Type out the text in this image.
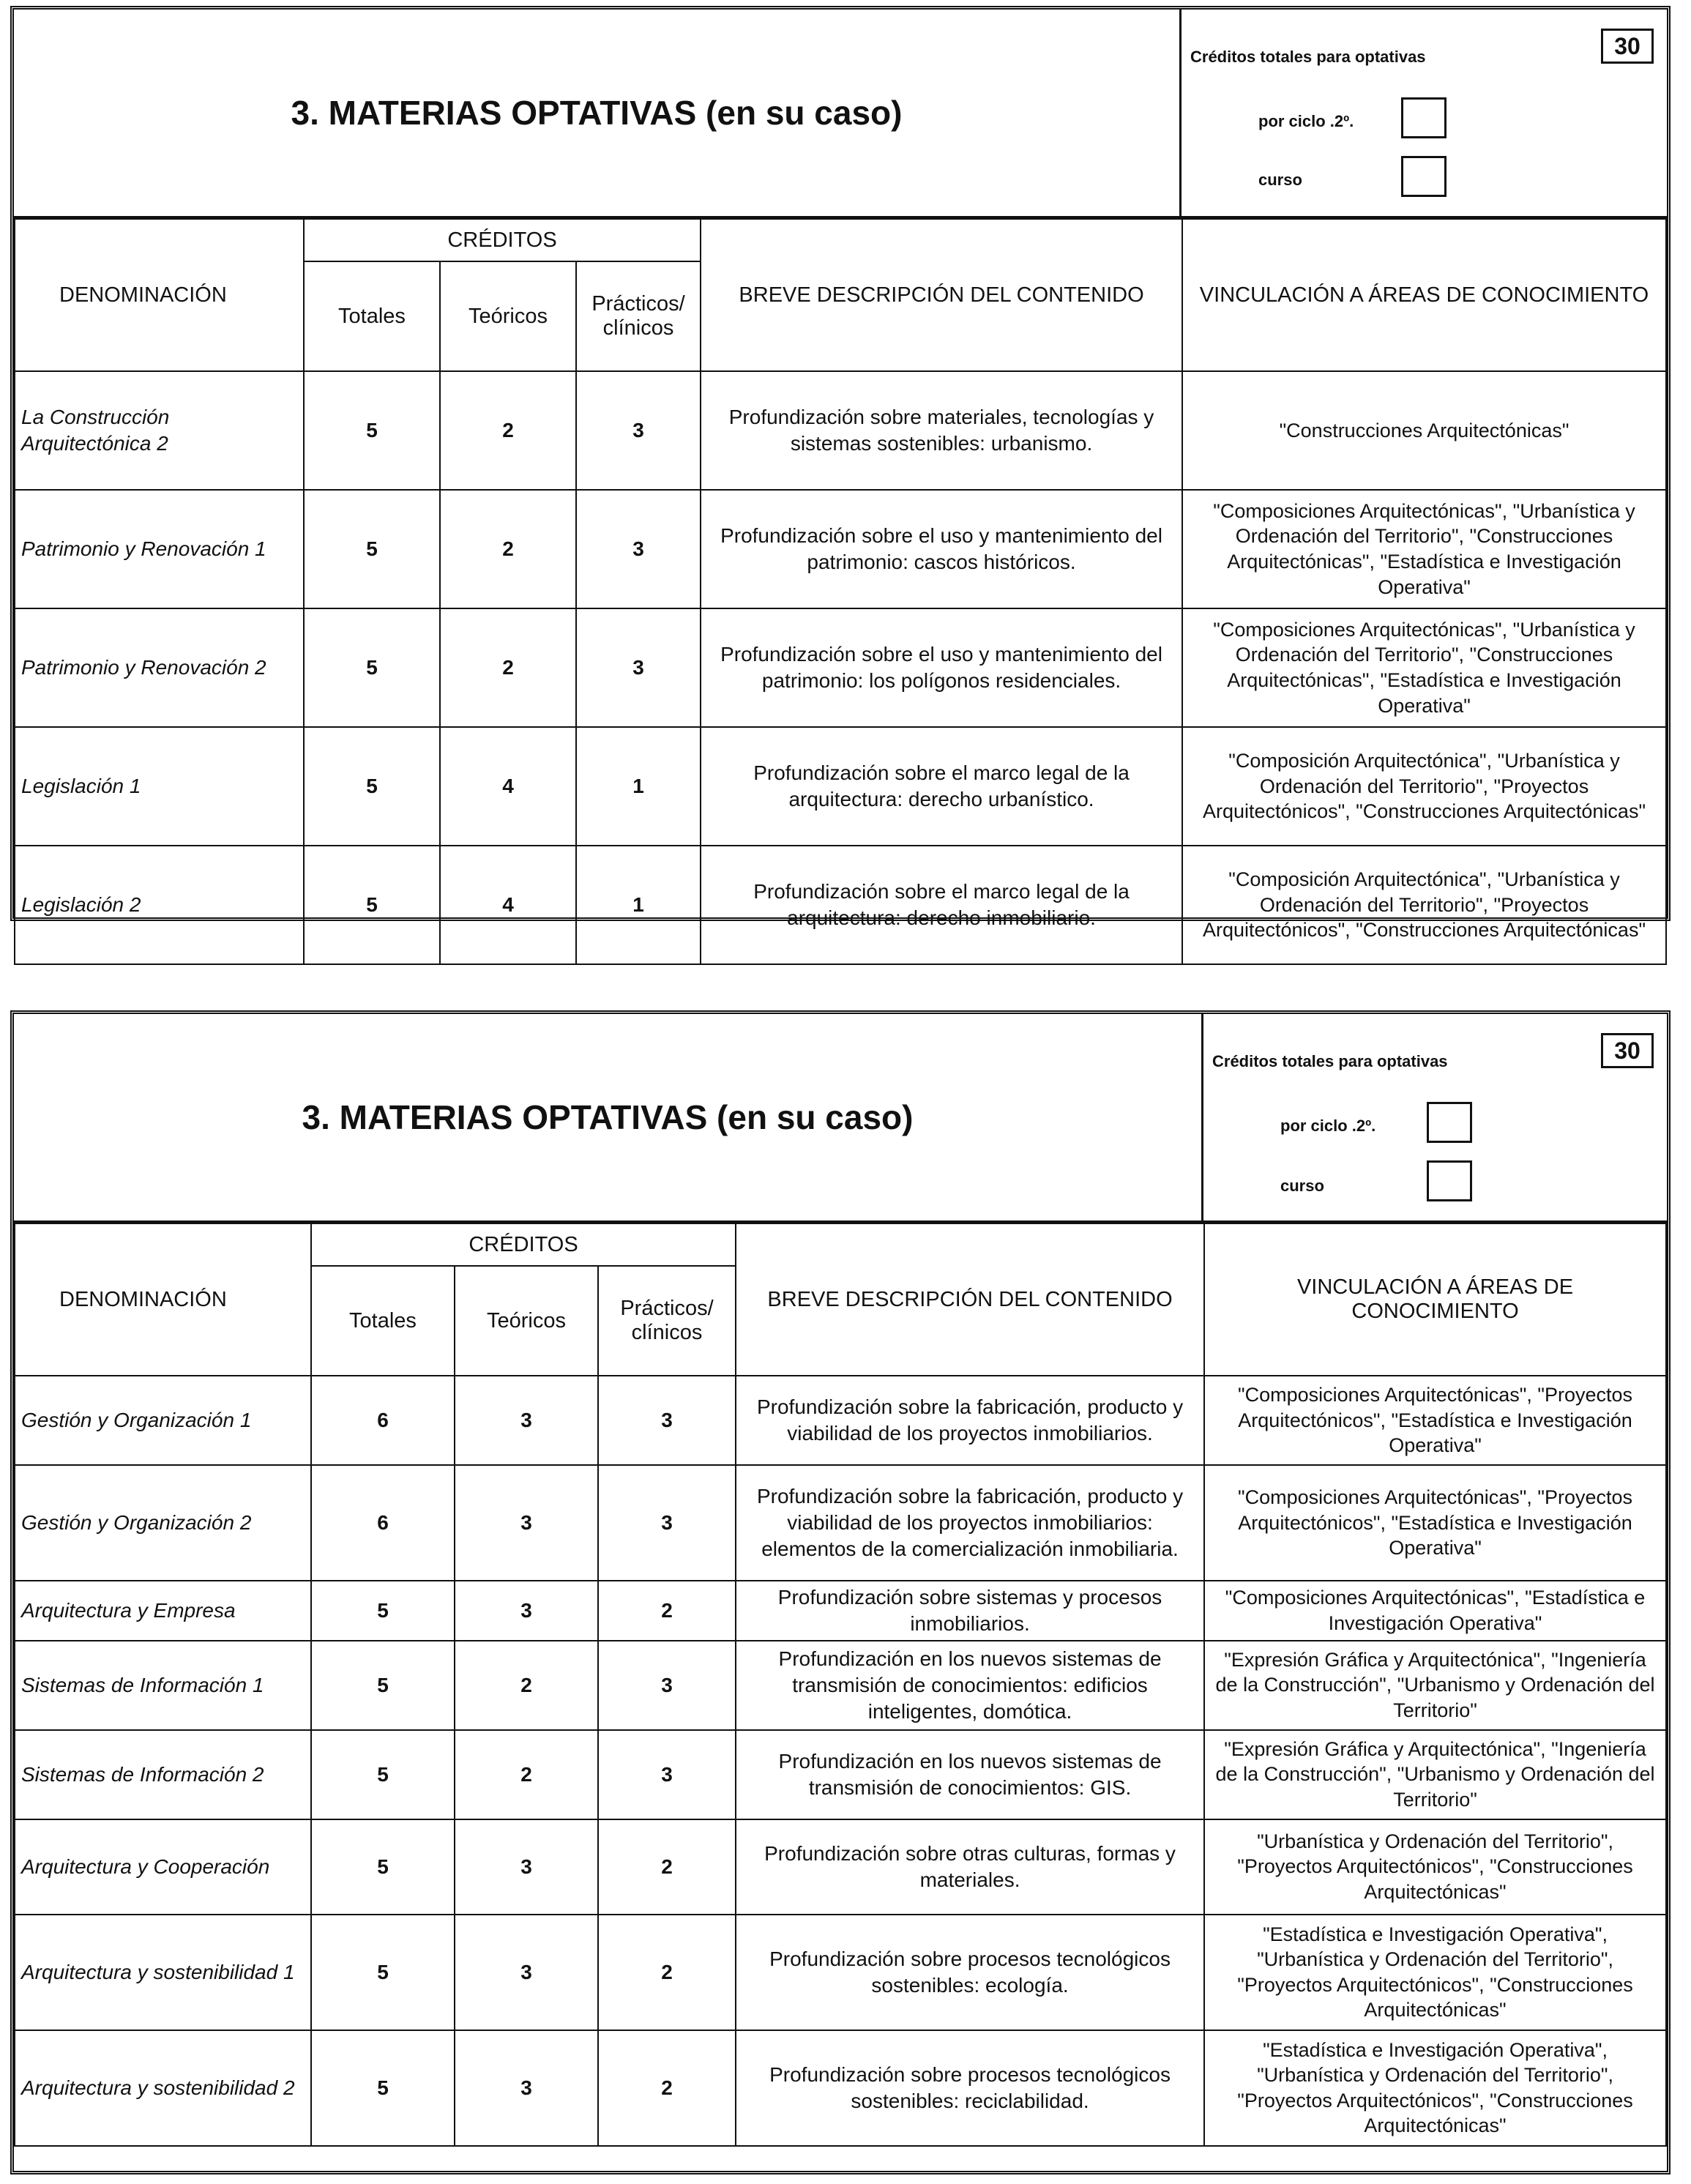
3. MATERIAS OPTATIVAS (en su caso)
Créditos totales para optativas	30
por ciclo .2º.
curso
DENOMINACIÓN	CRÉDITOS			BREVE DESCRIPCIÓN DEL CONTENIDO	VINCULACIÓN A ÁREAS DE CONOCIMIENTO
	Totales	Teóricos	Prácticos/ clínicos		
La Construcción Arquitectónica 2	5	2	3	Profundización sobre materiales, tecnologías y sistemas sostenibles: urbanismo.	"Construcciones Arquitectónicas"
Patrimonio y Renovación 1	5	2	3	Profundización sobre el uso y mantenimiento del patrimonio: cascos históricos.	"Composiciones Arquitectónicas", "Urbanística y Ordenación del Territorio", "Construcciones Arquitectónicas", "Estadística e Investigación Operativa"
Patrimonio y Renovación 2	5	2	3	Profundización sobre el uso y mantenimiento del patrimonio: los polígonos residenciales.	"Composiciones Arquitectónicas", "Urbanística y Ordenación del Territorio", "Construcciones Arquitectónicas", "Estadística e Investigación Operativa"
Legislación 1	5	4	1	Profundización sobre el marco legal de la arquitectura: derecho urbanístico.	"Composición Arquitectónica", "Urbanística y Ordenación del Territorio", "Proyectos Arquitectónicos", "Construcciones Arquitectónicas"
Legislación 2	5	4	1	Profundización sobre el marco legal de la arquitectura: derecho inmobiliario.	"Composición Arquitectónica", "Urbanística y Ordenación del Territorio", "Proyectos Arquitectónicos", "Construcciones Arquitectónicas"
3. MATERIAS OPTATIVAS (en su caso)
Créditos totales para optativas	30
por ciclo .2º.
curso
DENOMINACIÓN	CRÉDITOS			BREVE DESCRIPCIÓN DEL CONTENIDO	VINCULACIÓN A ÁREAS DE CONOCIMIENTO
	Totales	Teóricos	Prácticos/ clínicos		
Gestión y Organización 1	6	3	3	Profundización sobre la fabricación, producto y viabilidad de los proyectos inmobiliarios.	"Composiciones Arquitectónicas", "Proyectos Arquitectónicos", "Estadística e Investigación Operativa"
Gestión y Organización 2	6	3	3	Profundización sobre la fabricación, producto y viabilidad de los proyectos inmobiliarios: elementos de la comercialización inmobiliaria.	"Composiciones Arquitectónicas", "Proyectos Arquitectónicos", "Estadística e Investigación Operativa"
Arquitectura y Empresa	5	3	2	Profundización sobre sistemas y procesos inmobiliarios.	"Composiciones Arquitectónicas", "Estadística e Investigación Operativa"
Sistemas de Información 1	5	2	3	Profundización en los nuevos sistemas de transmisión de conocimientos: edificios inteligentes, domótica.	"Expresión Gráfica y Arquitectónica", "Ingeniería de la Construcción", "Urbanismo y Ordenación del Territorio"
Sistemas de Información 2	5	2	3	Profundización en los nuevos sistemas de transmisión de conocimientos: GIS.	"Expresión Gráfica y Arquitectónica", "Ingeniería de la Construcción", "Urbanismo y Ordenación del Territorio"
Arquitectura y Cooperación	5	3	2	Profundización sobre otras culturas, formas y materiales.	"Urbanística y Ordenación del Territorio", "Proyectos Arquitectónicos", "Construcciones Arquitectónicas"
Arquitectura y sostenibilidad 1	5	3	2	Profundización sobre procesos tecnológicos sostenibles: ecología.	"Estadística e Investigación Operativa", "Urbanística y Ordenación del Territorio", "Proyectos Arquitectónicos", "Construcciones Arquitectónicas"
Arquitectura y sostenibilidad 2	5	3	2	Profundización sobre procesos tecnológicos sostenibles: reciclabilidad.	"Estadística e Investigación Operativa", "Urbanística y Ordenación del Territorio", "Proyectos Arquitectónicos", "Construcciones Arquitectónicas"
